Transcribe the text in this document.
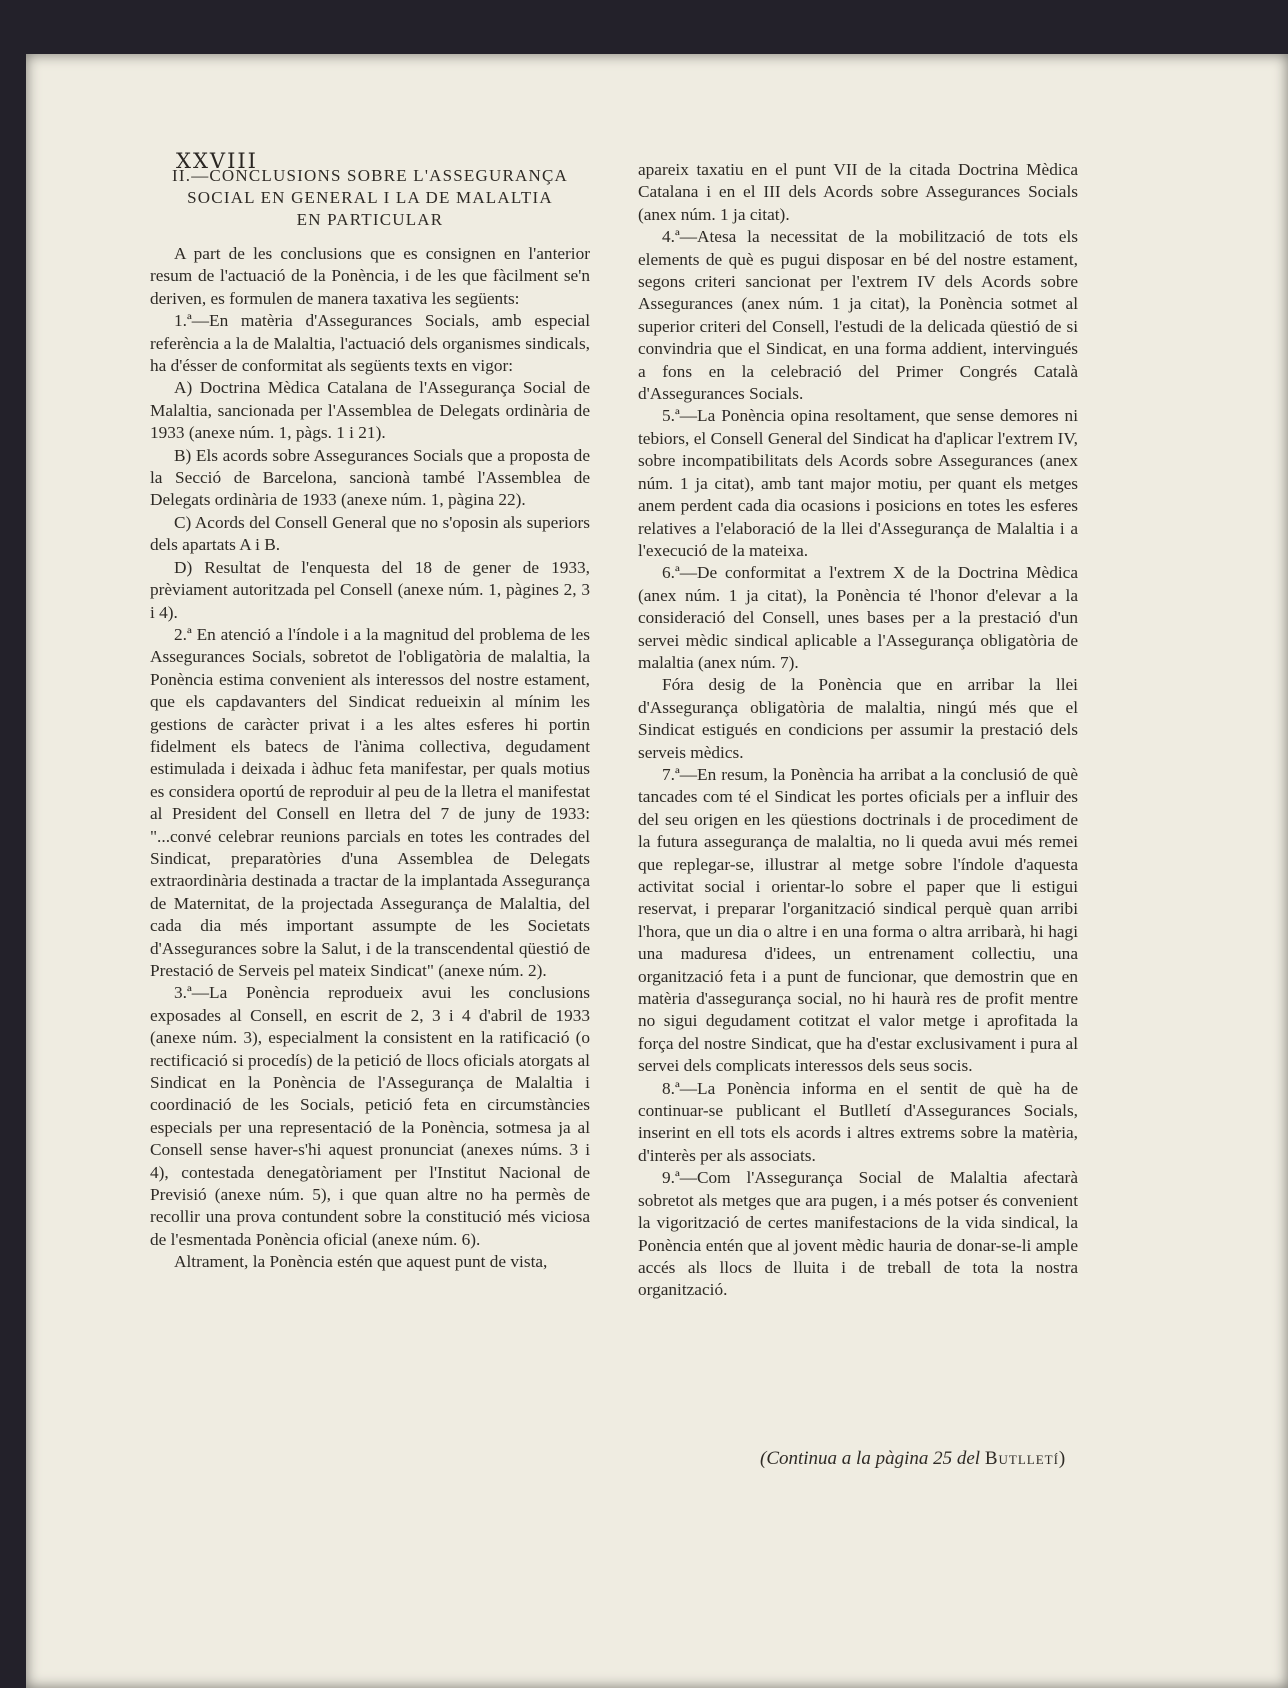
XXVIII
II.—CONCLUSIONS SOBRE L'ASSEGURANÇA
SOCIAL EN GENERAL I LA DE MALALTIA
EN PARTICULAR

A part de les conclusions que es consignen en l'anterior resum de l'actuació de la Ponència, i de les que fàcilment se'n deriven, es formulen de manera taxativa les següents:

1.ª—En matèria d'Assegurances Socials, amb especial referència a la de Malaltia, l'actuació dels organismes sindicals, ha d'ésser de conformitat als següents texts en vigor:

A) Doctrina Mèdica Catalana de l'Assegurança Social de Malaltia, sancionada per l'Assemblea de Delegats ordinària de 1933 (anexe núm. 1, pàgs. 1 i 21).

B) Els acords sobre Assegurances Socials que a proposta de la Secció de Barcelona, sancionà també l'Assemblea de Delegats ordinària de 1933 (anexe núm. 1, pàgina 22).

C) Acords del Consell General que no s'oposin als superiors dels apartats A i B.

D) Resultat de l'enquesta del 18 de gener de 1933, prèviament autoritzada pel Consell (anexe núm. 1, pàgines 2, 3 i 4).

2.ª En atenció a l'índole i a la magnitud del problema de les Assegurances Socials, sobretot de l'obligatòria de malaltia, la Ponència estima convenient als interessos del nostre estament, que els capdavanters del Sindicat redueixin al mínim les gestions de caràcter privat i a les altes esferes hi portin fidelment els batecs de l'ànima collectiva, degudament estimulada i deixada i àdhuc feta manifestar, per quals motius es considera oportú de reproduir al peu de la lletra el manifestat al President del Consell en lletra del 7 de juny de 1933: "...convé celebrar reunions parcials en totes les contrades del Sindicat, preparatòries d'una Assemblea de Delegats extraordinària destinada a tractar de la implantada Assegurança de Maternitat, de la projectada Assegurança de Malaltia, del cada dia més important assumpte de les Societats d'Assegurances sobre la Salut, i de la transcendental qüestió de Prestació de Serveis pel mateix Sindicat" (anexe núm. 2).

3.ª—La Ponència reprodueix avui les conclusions exposades al Consell, en escrit de 2, 3 i 4 d'abril de 1933 (anexe núm. 3), especialment la consistent en la ratificació (o rectificació si procedís) de la petició de llocs oficials atorgats al Sindicat en la Ponència de l'Assegurança de Malaltia i coordinació de les Socials, petició feta en circumstàncies especials per una representació de la Ponència, sotmesa ja al Consell sense haver-s'hi aquest pronunciat (anexes núms. 3 i 4), contestada denegatòriament per l'Institut Nacional de Previsió (anexe núm. 5), i que quan altre no ha permès de recollir una prova contundent sobre la constitució més viciosa de l'esmentada Ponència oficial (anexe núm. 6).

Altrament, la Ponència estén que aquest punt de vista,

apareix taxatiu en el punt VII de la citada Doctrina Mèdica Catalana i en el III dels Acords sobre Assegurances Socials (anex núm. 1 ja citat).

4.ª—Atesa la necessitat de la mobilització de tots els elements de què es pugui disposar en bé del nostre estament, segons criteri sancionat per l'extrem IV dels Acords sobre Assegurances (anex núm. 1 ja citat), la Ponència sotmet al superior criteri del Consell, l'estudi de la delicada qüestió de si convindria que el Sindicat, en una forma addient, intervingués a fons en la celebració del Primer Congrés Català d'Assegurances Socials.

5.ª—La Ponència opina resoltament, que sense demores ni tebiors, el Consell General del Sindicat ha d'aplicar l'extrem IV, sobre incompatibilitats dels Acords sobre Assegurances (anex núm. 1 ja citat), amb tant major motiu, per quant els metges anem perdent cada dia ocasions i posicions en totes les esferes relatives a l'elaboració de la llei d'Assegurança de Malaltia i a l'execució de la mateixa.

6.ª—De conformitat a l'extrem X de la Doctrina Mèdica (anex núm. 1 ja citat), la Ponència té l'honor d'elevar a la consideració del Consell, unes bases per a la prestació d'un servei mèdic sindical aplicable a l'Assegurança obligatòria de malaltia (anex núm. 7).

Fóra desig de la Ponència que en arribar la llei d'Assegurança obligatòria de malaltia, ningú més que el Sindicat estigués en condicions per assumir la prestació dels serveis mèdics.

7.ª—En resum, la Ponència ha arribat a la conclusió de què tancades com té el Sindicat les portes oficials per a influir des del seu origen en les qüestions doctrinals i de procediment de la futura assegurança de malaltia, no li queda avui més remei que replegar-se, illustrar al metge sobre l'índole d'aquesta activitat social i orientar-lo sobre el paper que li estigui reservat, i preparar l'organització sindical perquè quan arribi l'hora, que un dia o altre i en una forma o altra arribarà, hi hagi una maduresa d'idees, un entrenament collectiu, una organització feta i a punt de funcionar, que demostrin que en matèria d'assegurança social, no hi haurà res de profit mentre no sigui degudament cotitzat el valor metge i aprofitada la força del nostre Sindicat, que ha d'estar exclusivament i pura al servei dels complicats interessos dels seus socis.

8.ª—La Ponència informa en el sentit de què ha de continuar-se publicant el Butlletí d'Assegurances Socials, inserint en ell tots els acords i altres extrems sobre la matèria, d'interès per als associats.

9.ª—Com l'Assegurança Social de Malaltia afectarà sobretot als metges que ara pugen, i a més potser és convenient la vigorització de certes manifestacions de la vida sindical, la Ponència entén que al jovent mèdic hauria de donar-se-li ample accés als llocs de lluita i de treball de tota la nostra organització.

(Continua a la pàgina 25 del Butlletí)
